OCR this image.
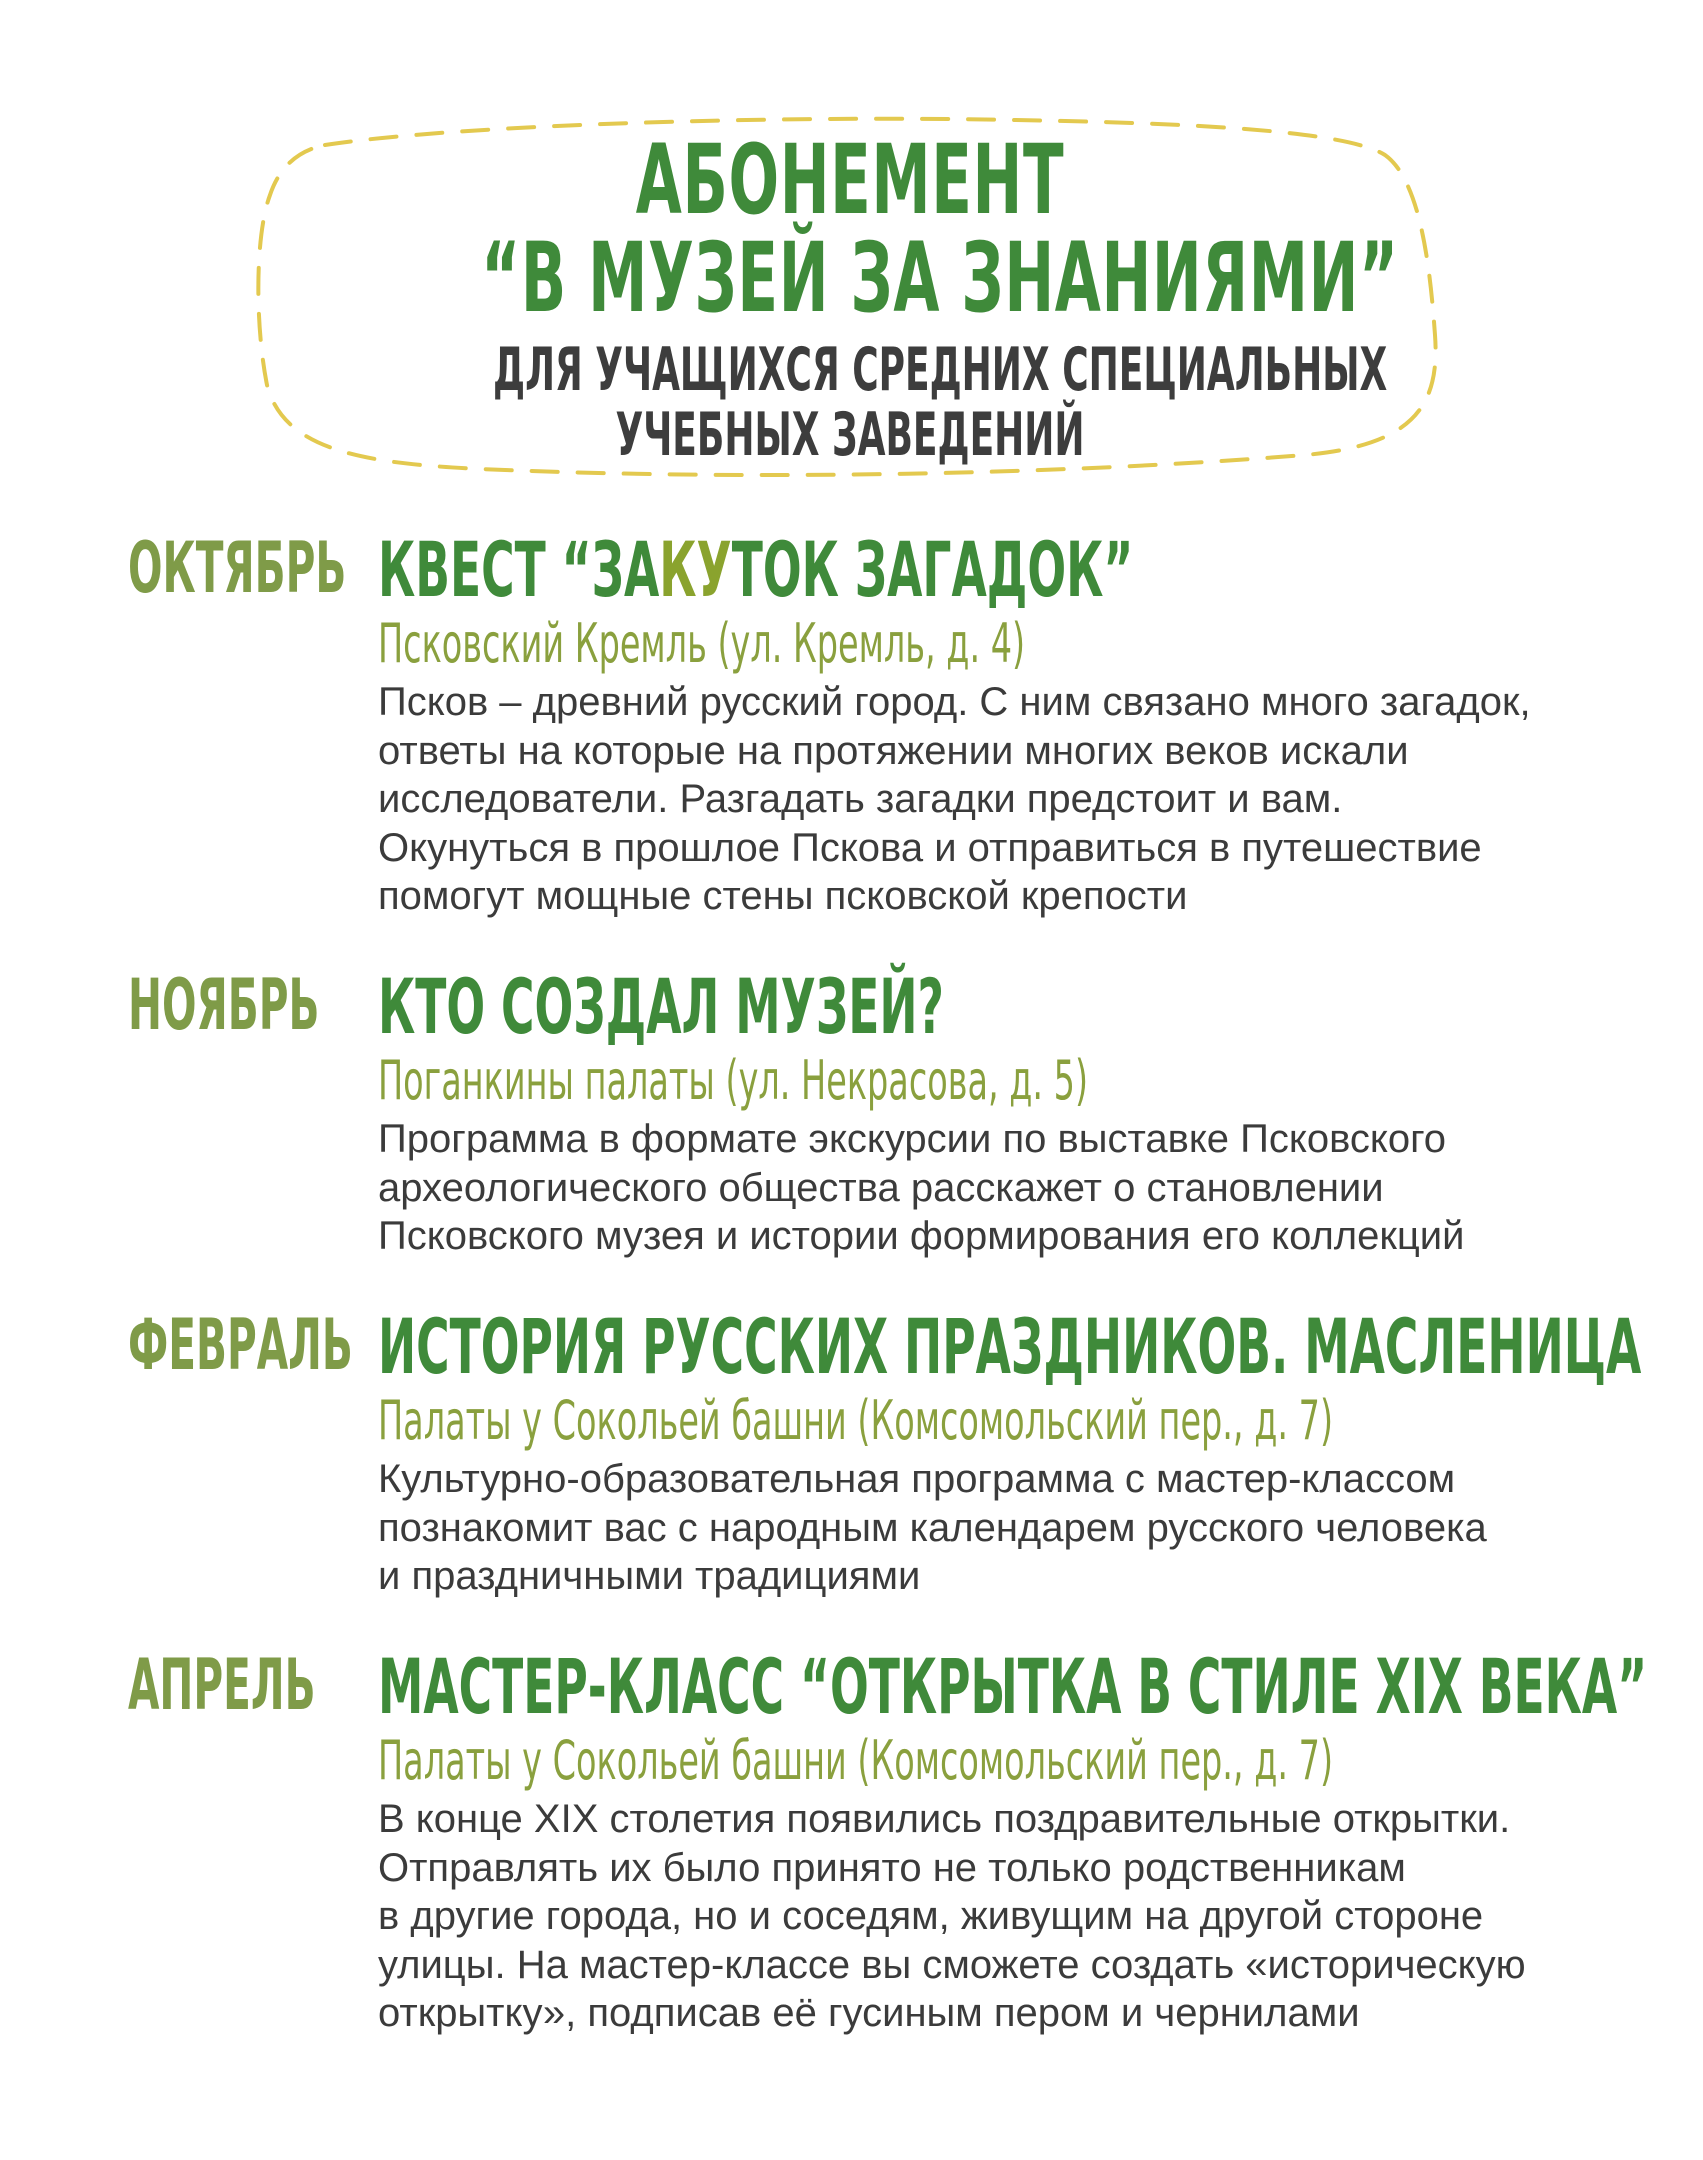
АБОНЕМЕНТ
“В МУЗЕЙ ЗА ЗНАНИЯМИ”
ДЛЯ УЧАЩИХСЯ СРЕДНИХ СПЕЦИАЛЬНЫХ
УЧЕБНЫХ ЗАВЕДЕНИЙ
ОКТЯБРЬ КВЕСТ “ЗАКУТОК ЗАГАДОК”
Псковский Кремль (ул. Кремль, д. 4)
Псков – древний русский город. С ним связано много загадок,
ответы на которые на протяжении многих веков искали
исследователи. Разгадать загадки предстоит и вам.
Окунуться в прошлое Пскова и отправиться в путешествие
помогут мощные стены псковской крепости
НОЯБРЬ КТО СОЗДАЛ МУЗЕЙ?
Поганкины палаты (ул. Некрасова, д. 5)
Программа в формате экскурсии по выставке Псковского
археологического общества расскажет о становлении
Псковского музея и истории формирования его коллекций
ФЕВРАЛЬ ИСТОРИЯ РУССКИХ ПРАЗДНИКОВ. МАСЛЕНИЦА
Палаты у Сокольей башни (Комсомольский пер., д. 7)
Культурно-образовательная программа с мастер-классом
познакомит вас с народным календарем русского человека
и праздничными традициями
АПРЕЛЬ МАСТЕР-КЛАСС “ОТКРЫТКА В СТИЛЕ XIX ВЕКА”
Палаты у Сокольей башни (Комсомольский пер., д. 7)
В конце XIX столетия появились поздравительные открытки.
Отправлять их было принято не только родственникам
в другие города, но и соседям, живущим на другой стороне
улицы. На мастер-классе вы сможете создать «историческую
открытку», подписав её гусиным пером и чернилами
